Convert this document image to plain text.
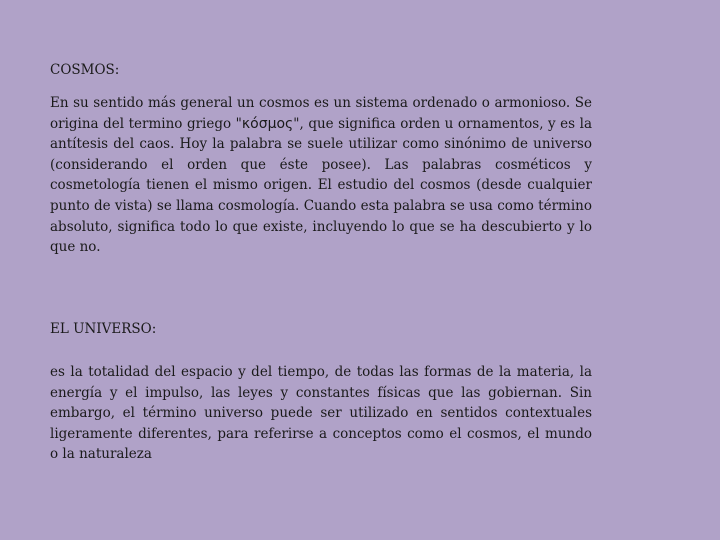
COSMOS:

En su sentido más general un cosmos es un sistema ordenado o armonioso. Se origina del termino griego "κόσμος", que significa orden u ornamentos, y es la antítesis del caos. Hoy la palabra se suele utilizar como sinónimo de universo (considerando el orden que éste posee). Las palabras cosméticos y cosmetología tienen el mismo origen. El estudio del cosmos (desde cualquier punto de vista) se llama cosmología. Cuando esta palabra se usa como término absoluto, significa todo lo que existe, incluyendo lo que se ha descubierto y lo que no.

EL UNIVERSO:

es la totalidad del espacio y del tiempo, de todas las formas de la materia, la energía y el impulso, las leyes y constantes físicas que las gobiernan. Sin embargo, el término universo puede ser utilizado en sentidos contextuales ligeramente diferentes, para referirse a conceptos como el cosmos, el mundo o la naturaleza
